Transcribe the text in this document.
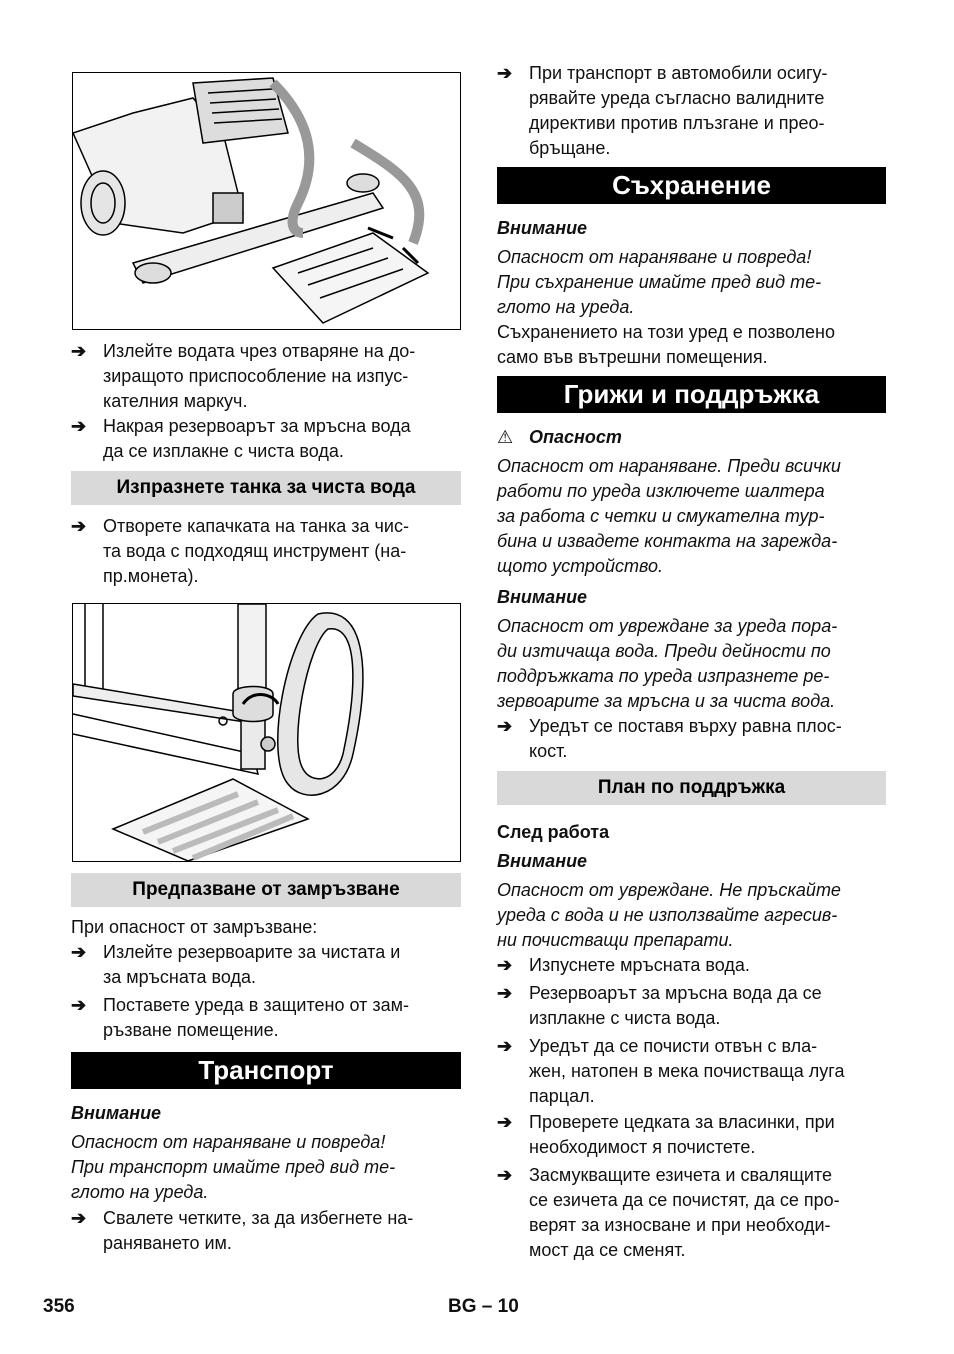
➔ Излейте водата чрез отваряне на до-
зиращото приспособление на изпус-
кателния маркуч.
➔ Накрая резервоарът за мръсна вода
да се изплакне с чиста вода.
Изпразнете танка за чиста вода
➔ Отворете капачката на танка за чис-
та вода с подходящ инструмент (на-
пр.монета).
Предпазване от замръзване

При опасност от замръзване:

➔ Излейте резервоарите за чистата и
за мръсната вода.
➔ Поставете уреда в защитено от зам-
ръзване помещение.
Транспорт

Внимание

Опасност от нараняване и повреда!
При транспорт имайте пред вид те-
глото на уреда.

➔ Свалете четките, за да избегнете на-
раняването им.
➔ При транспорт в автомобили осигу-
рявайте уреда съгласно валидните
директиви против плъзгане и прео-
бръщане.
Съхранение

Внимание

Опасност от нараняване и повреда!
При съхранение имайте пред вид те-
глото на уреда.

Съхранението на този уред е позволено
само във вътрешни помещения.

Грижи и поддръжка
⚠ Опасност

Опасност от нараняване. Преди всички
работи по уреда изключете шалтера
за работа с четки и смукателна тур-
бина и извадете контакта на зарежда-
щото устройство.

Внимание

Опасност от увреждане за уреда пора-
ди изтичаща вода. Преди дейности по
поддръжката по уреда изпразнете ре-
зервоарите за мръсна и за чиста вода.

➔ Уредът се поставя върху равна плос-
кост.
План по поддръжка

След работа

Внимание

Опасност от увреждане. Не пръскайте
уреда с вода и не използвайте агресив-
ни почистващи препарати.

➔ Изпуснете мръсната вода.
➔ Резервоарът за мръсна вода да се
изплакне с чиста вода.
➔ Уредът да се почисти отвън с вла-
жен, натопен в мека почистваща луга
парцал.
➔ Проверете цедката за власинки, при
необходимост я почистете.
➔ Засмукващите езичета и свалящите
се езичета да се почистят, да се про-
верят за износване и при необходи-
мост да се сменят.
356	BG – 10
